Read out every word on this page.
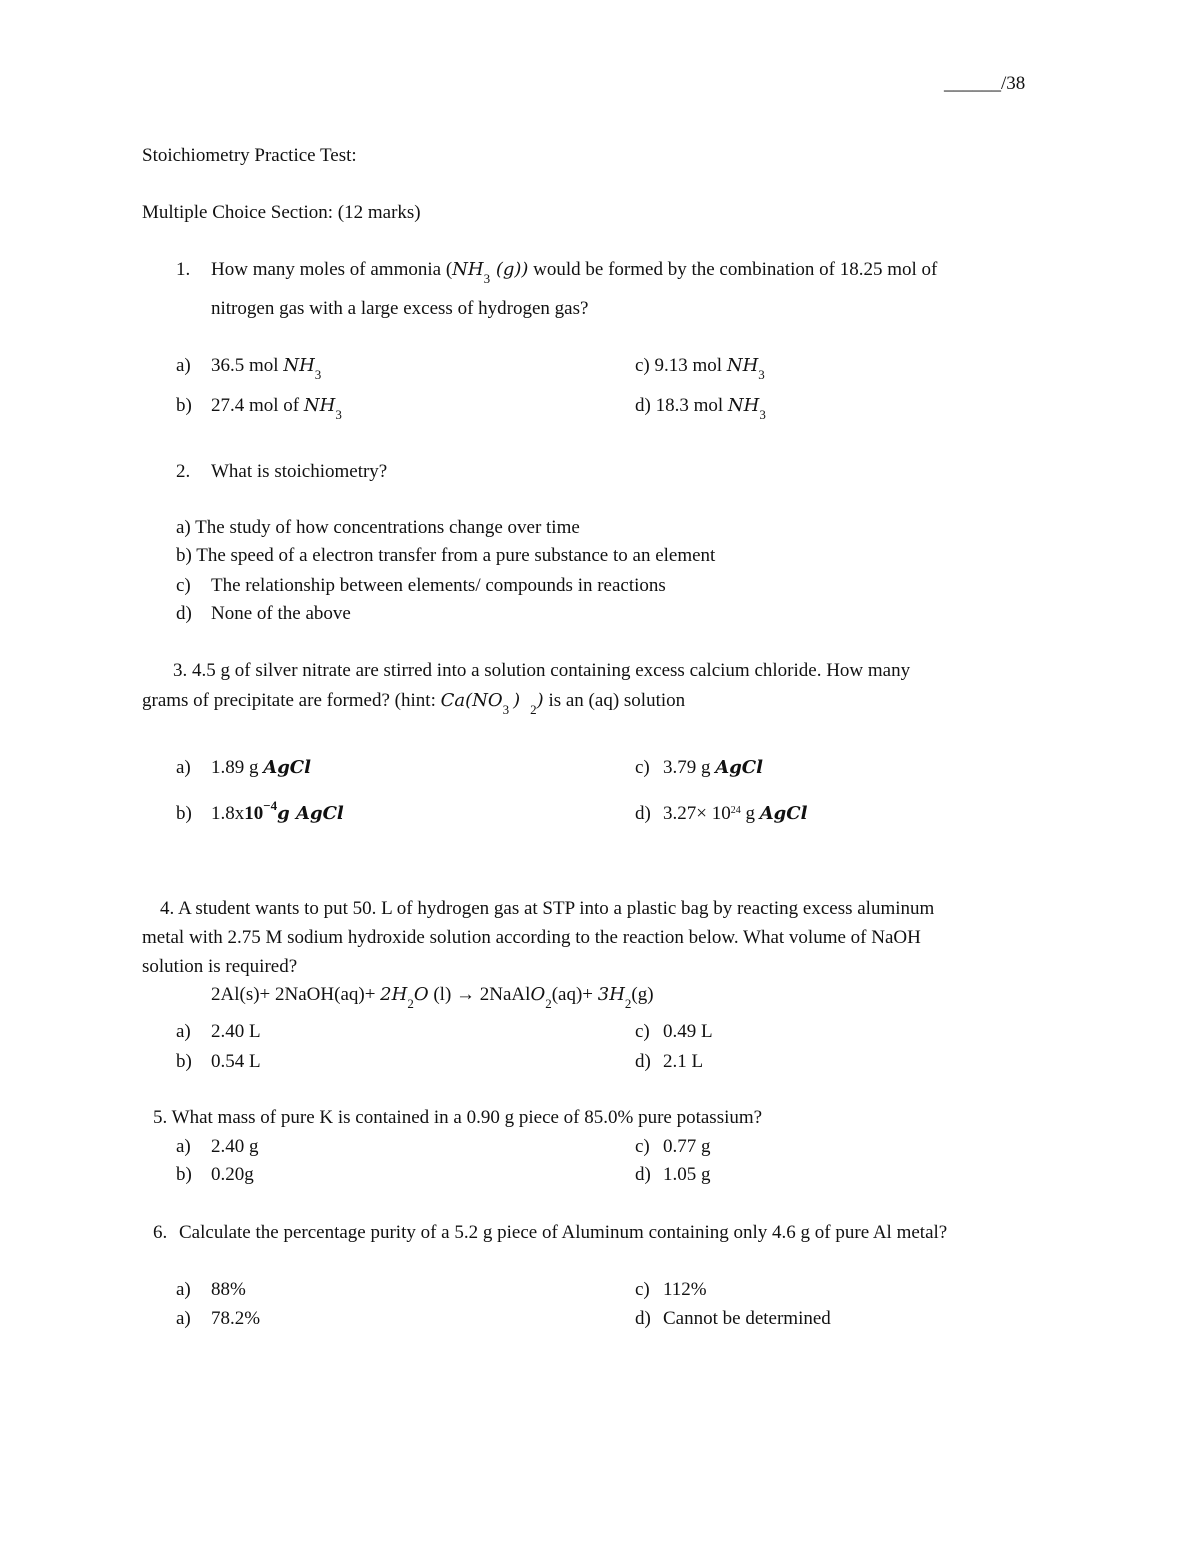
______/38
Stoichiometry Practice Test:
Multiple Choice Section: (12 marks)
1. How many moles of ammonia ($NH_3$ (g)) would be formed by the combination of 18.25 mol of
nitrogen gas with a large excess of hydrogen gas?
a) 36.5 mol $NH_3$
b) 27.4 mol of $NH_3$
c) 9.13 mol $NH_3$
d) 18.3 mol $NH_3$
2. What is stoichiometry?
a) The study of how concentrations change over time
b) The speed of a electron transfer from a pure substance to an element
c) The relationship between elements/ compounds in reactions
d) None of the above
3. 4.5 g of silver nitrate are stirred into a solution containing excess calcium chloride. How many
grams of precipitate are formed? (hint: $Ca(NO_3$ ) $_2$) is an (aq) solution
a) 1.89 g AgCl
b) $1.8x10^{-4}g$ AgCl
c) 3.79 g AgCl
d) $3.27\times 10^{24}$ g AgCl
4. A student wants to put 50. L of hydrogen gas at STP into a plastic bag by reacting excess aluminum
metal with 2.75 M sodium hydroxide solution according to the reaction below. What volume of NaOH
solution is required?
2Al(s)+ 2NaOH(aq)+ $2H_2O$ (l) → 2NaAlO$_2$(aq)+ $3H_2(g)$
a) 2.40 L
b) 0.54 L
c) 0.49 L
d) 2.1 L
5. What mass of pure K is contained in a 0.90 g piece of 85.0% pure potassium?
a) 2.40 g
b) 0.20g
c) 0.77 g
d) 1.05 g
6. Calculate the percentage purity of a 5.2 g piece of Aluminum containing only 4.6 g of pure Al metal?
a) 88%
a) 78.2%
c) 112%
d) Cannot be determined
